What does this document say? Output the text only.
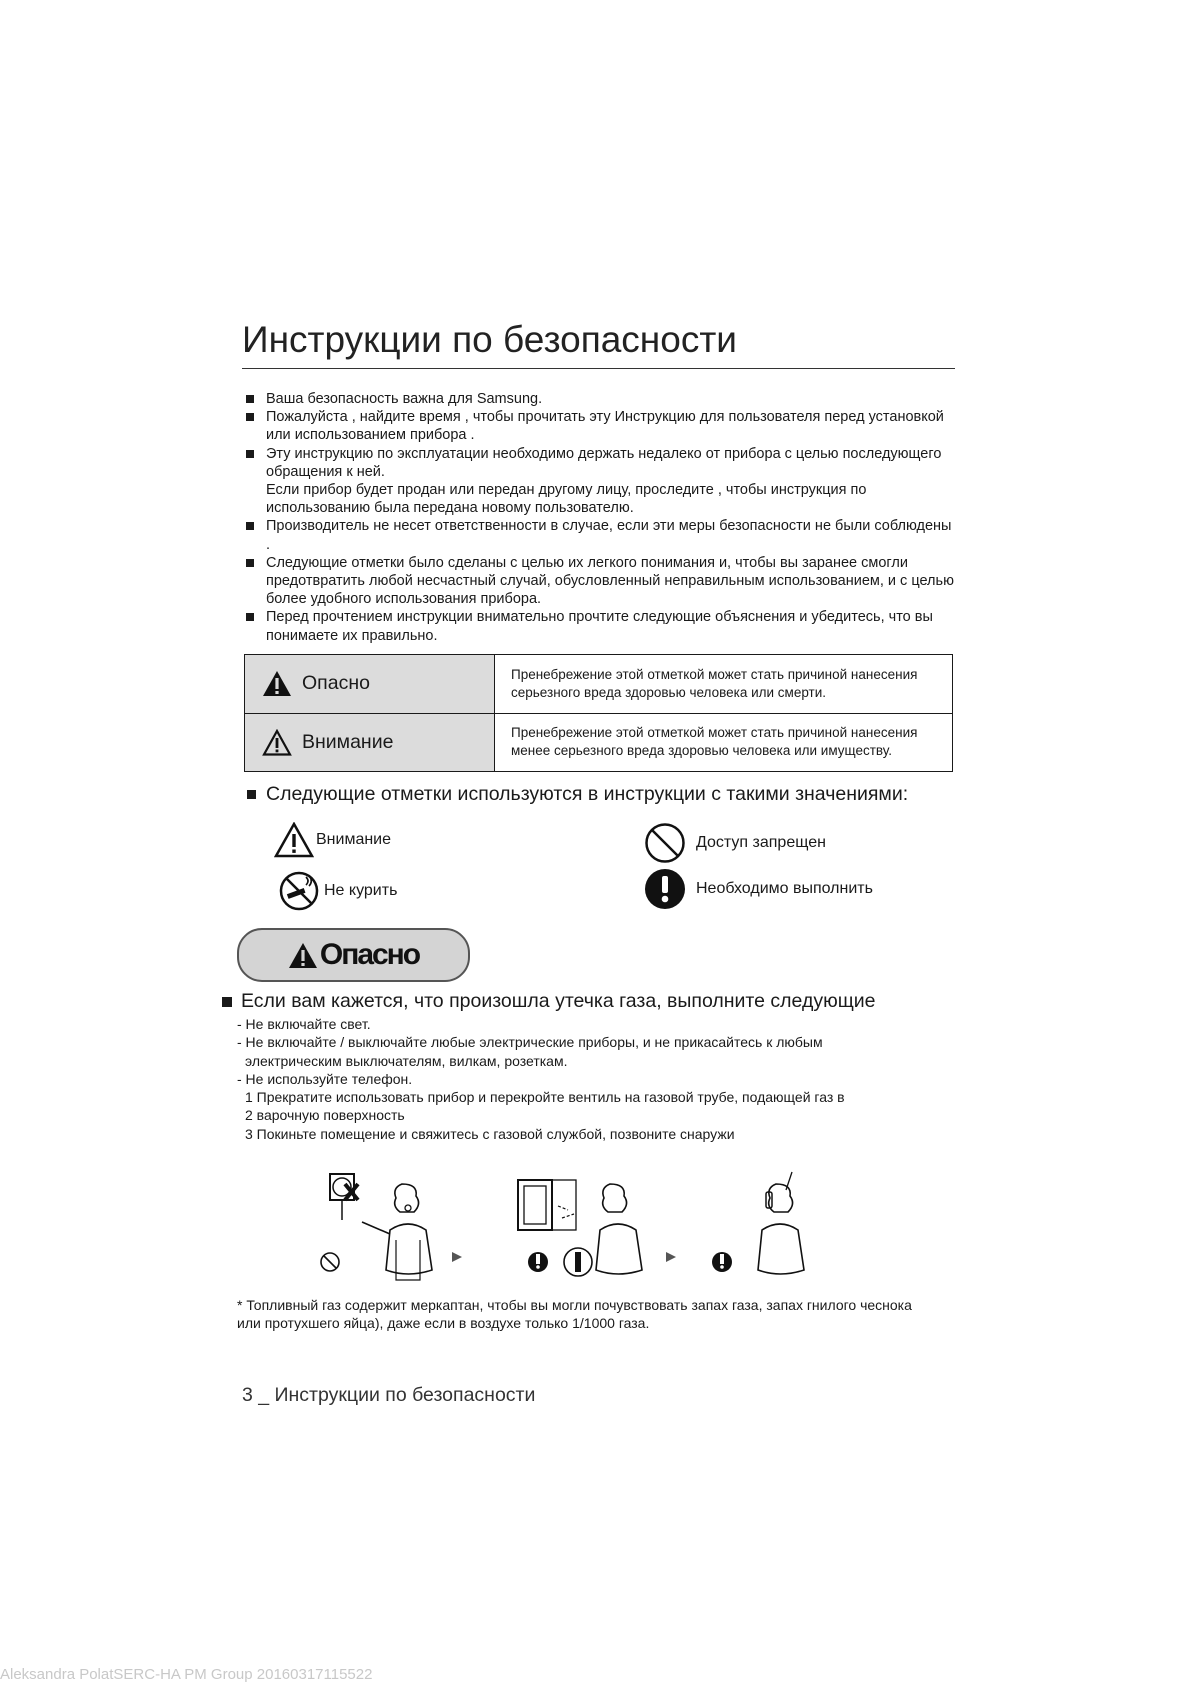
Инструкции по безопасности
Ваша безопасность важна для Samsung.
Пожалуйста , найдите время , чтобы прочитать эту Инструкцию для пользователя перед установкой или использованием прибора .
Эту инструкцию по эксплуатации необходимо держать недалеко от прибора с целью последующего обращения к ней.
Если прибор будет продан или передан другому лицу, проследите , чтобы инструкция по использованию была передана новому пользователю.
Производитель не несет ответственности в случае, если эти меры безопасности не были соблюдены .
Следующие отметки было сделаны с целью их легкого понимания и, чтобы вы заранее смогли предотвратить любой несчастный случай, обусловленный неправильным использованием, и с целью более удобного использования прибора.
Перед прочтением инструкции внимательно прочтите следующие объяснения и убедитесь, что вы понимаете их правильно.
Опасно	Пренебрежение этой отметкой может стать причиной нанесения серьезного вреда здоровью человека или смерти.

Внимание	Пренебрежение этой отметкой может стать причиной нанесения менее серьезного вреда здоровью человека или имуществу.
Следующие отметки используются в инструкции с такими значениями:
Внимание
Не курить
Доступ запрещен
Необходимо выполнить
Опасно
Если вам кажется, что произошла утечка газа, выполните следующие
- Не включайте свет.
- Не включайте / выключайте любые электрические приборы, и не прикасайтесь к любым
электрическим выключателям, вилкам, розеткам.
- Не используйте телефон.
1 Прекратите использовать прибор и перекройте вентиль на газовой трубе, подающей газ в
2 варочную поверхность
3 Покиньте помещение и свяжитесь с газовой службой, позвоните снаружи
* Топливный газ содержит меркаптан, чтобы вы могли почувствовать запах газа, запах гнилого чеснока или протухшего яйца), даже если в воздухе только 1/1000 газа.
3 _ Инструкции по безопасности
Aleksandra PolatSERC-HA PM Group 20160317115522
